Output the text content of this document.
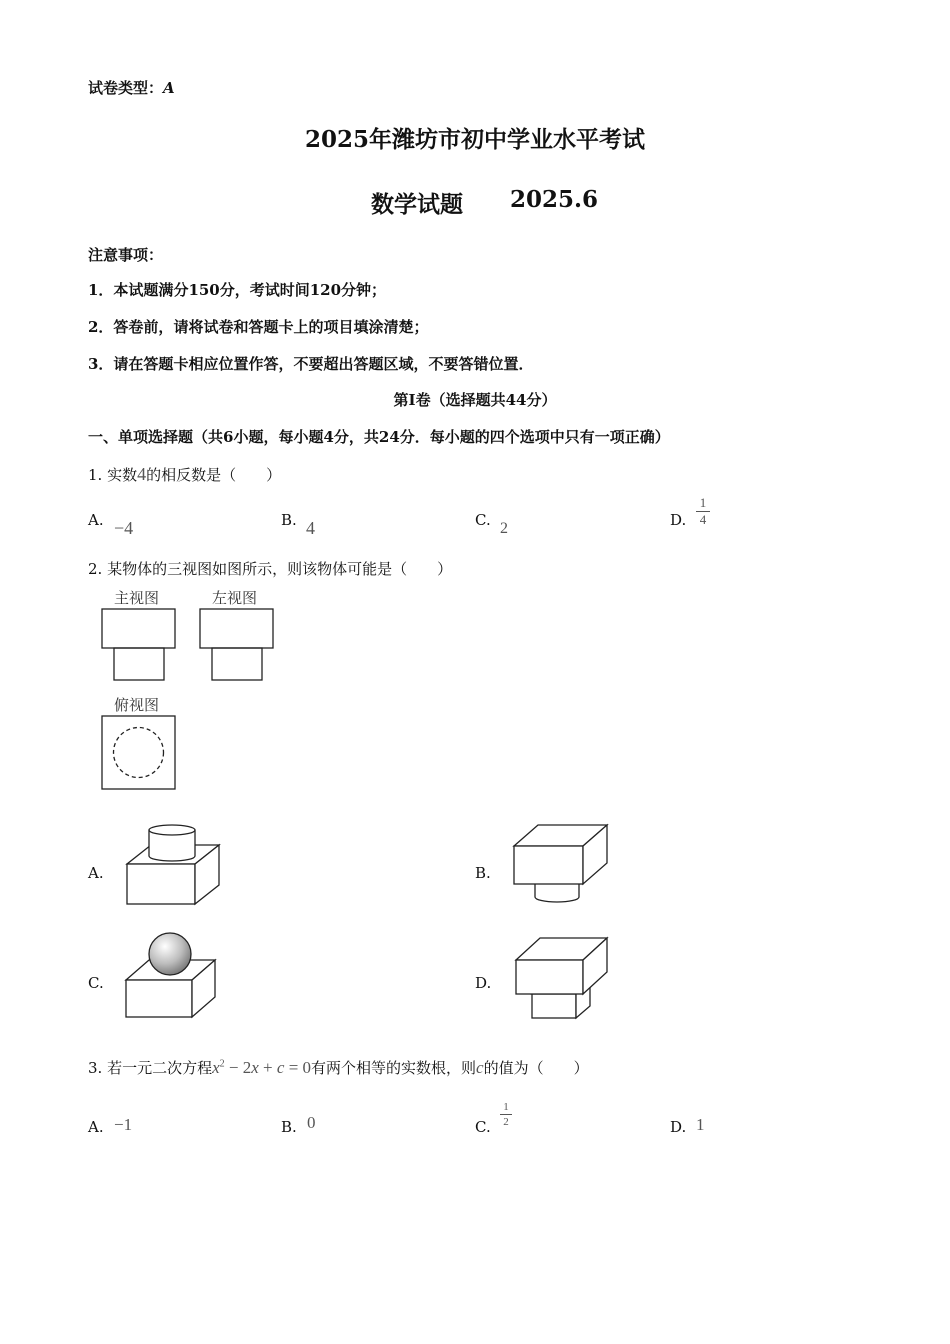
试卷类型：A
2025年潍坊市初中学业水平考试
数学试题 2025.6
注意事项：
1．本试题满分150分，考试时间120分钟；
2．答卷前，请将试卷和答题卡上的项目填涂清楚；
3．请在答题卡相应位置作答，不要超出答题区域，不要答错位置．
第Ⅰ卷（选择题共44分）
一、单项选择题（共6小题，每小题4分，共24分．每小题的四个选项中只有一项正确）
1. 实数4的相反数是（　　）
A. −4	B. 4	C. 2	D.
1
4
2. 某物体的三视图如图所示，则该物体可能是（　　）
主视图	左视图
俯视图
A.	B.
C.	D.
3. 若一元二次方程$x^2 - 2x + c = 0$有两个相等的实数根，则c的值为（　　）
A. −1	B. 0	C.
1
2	D. 1
